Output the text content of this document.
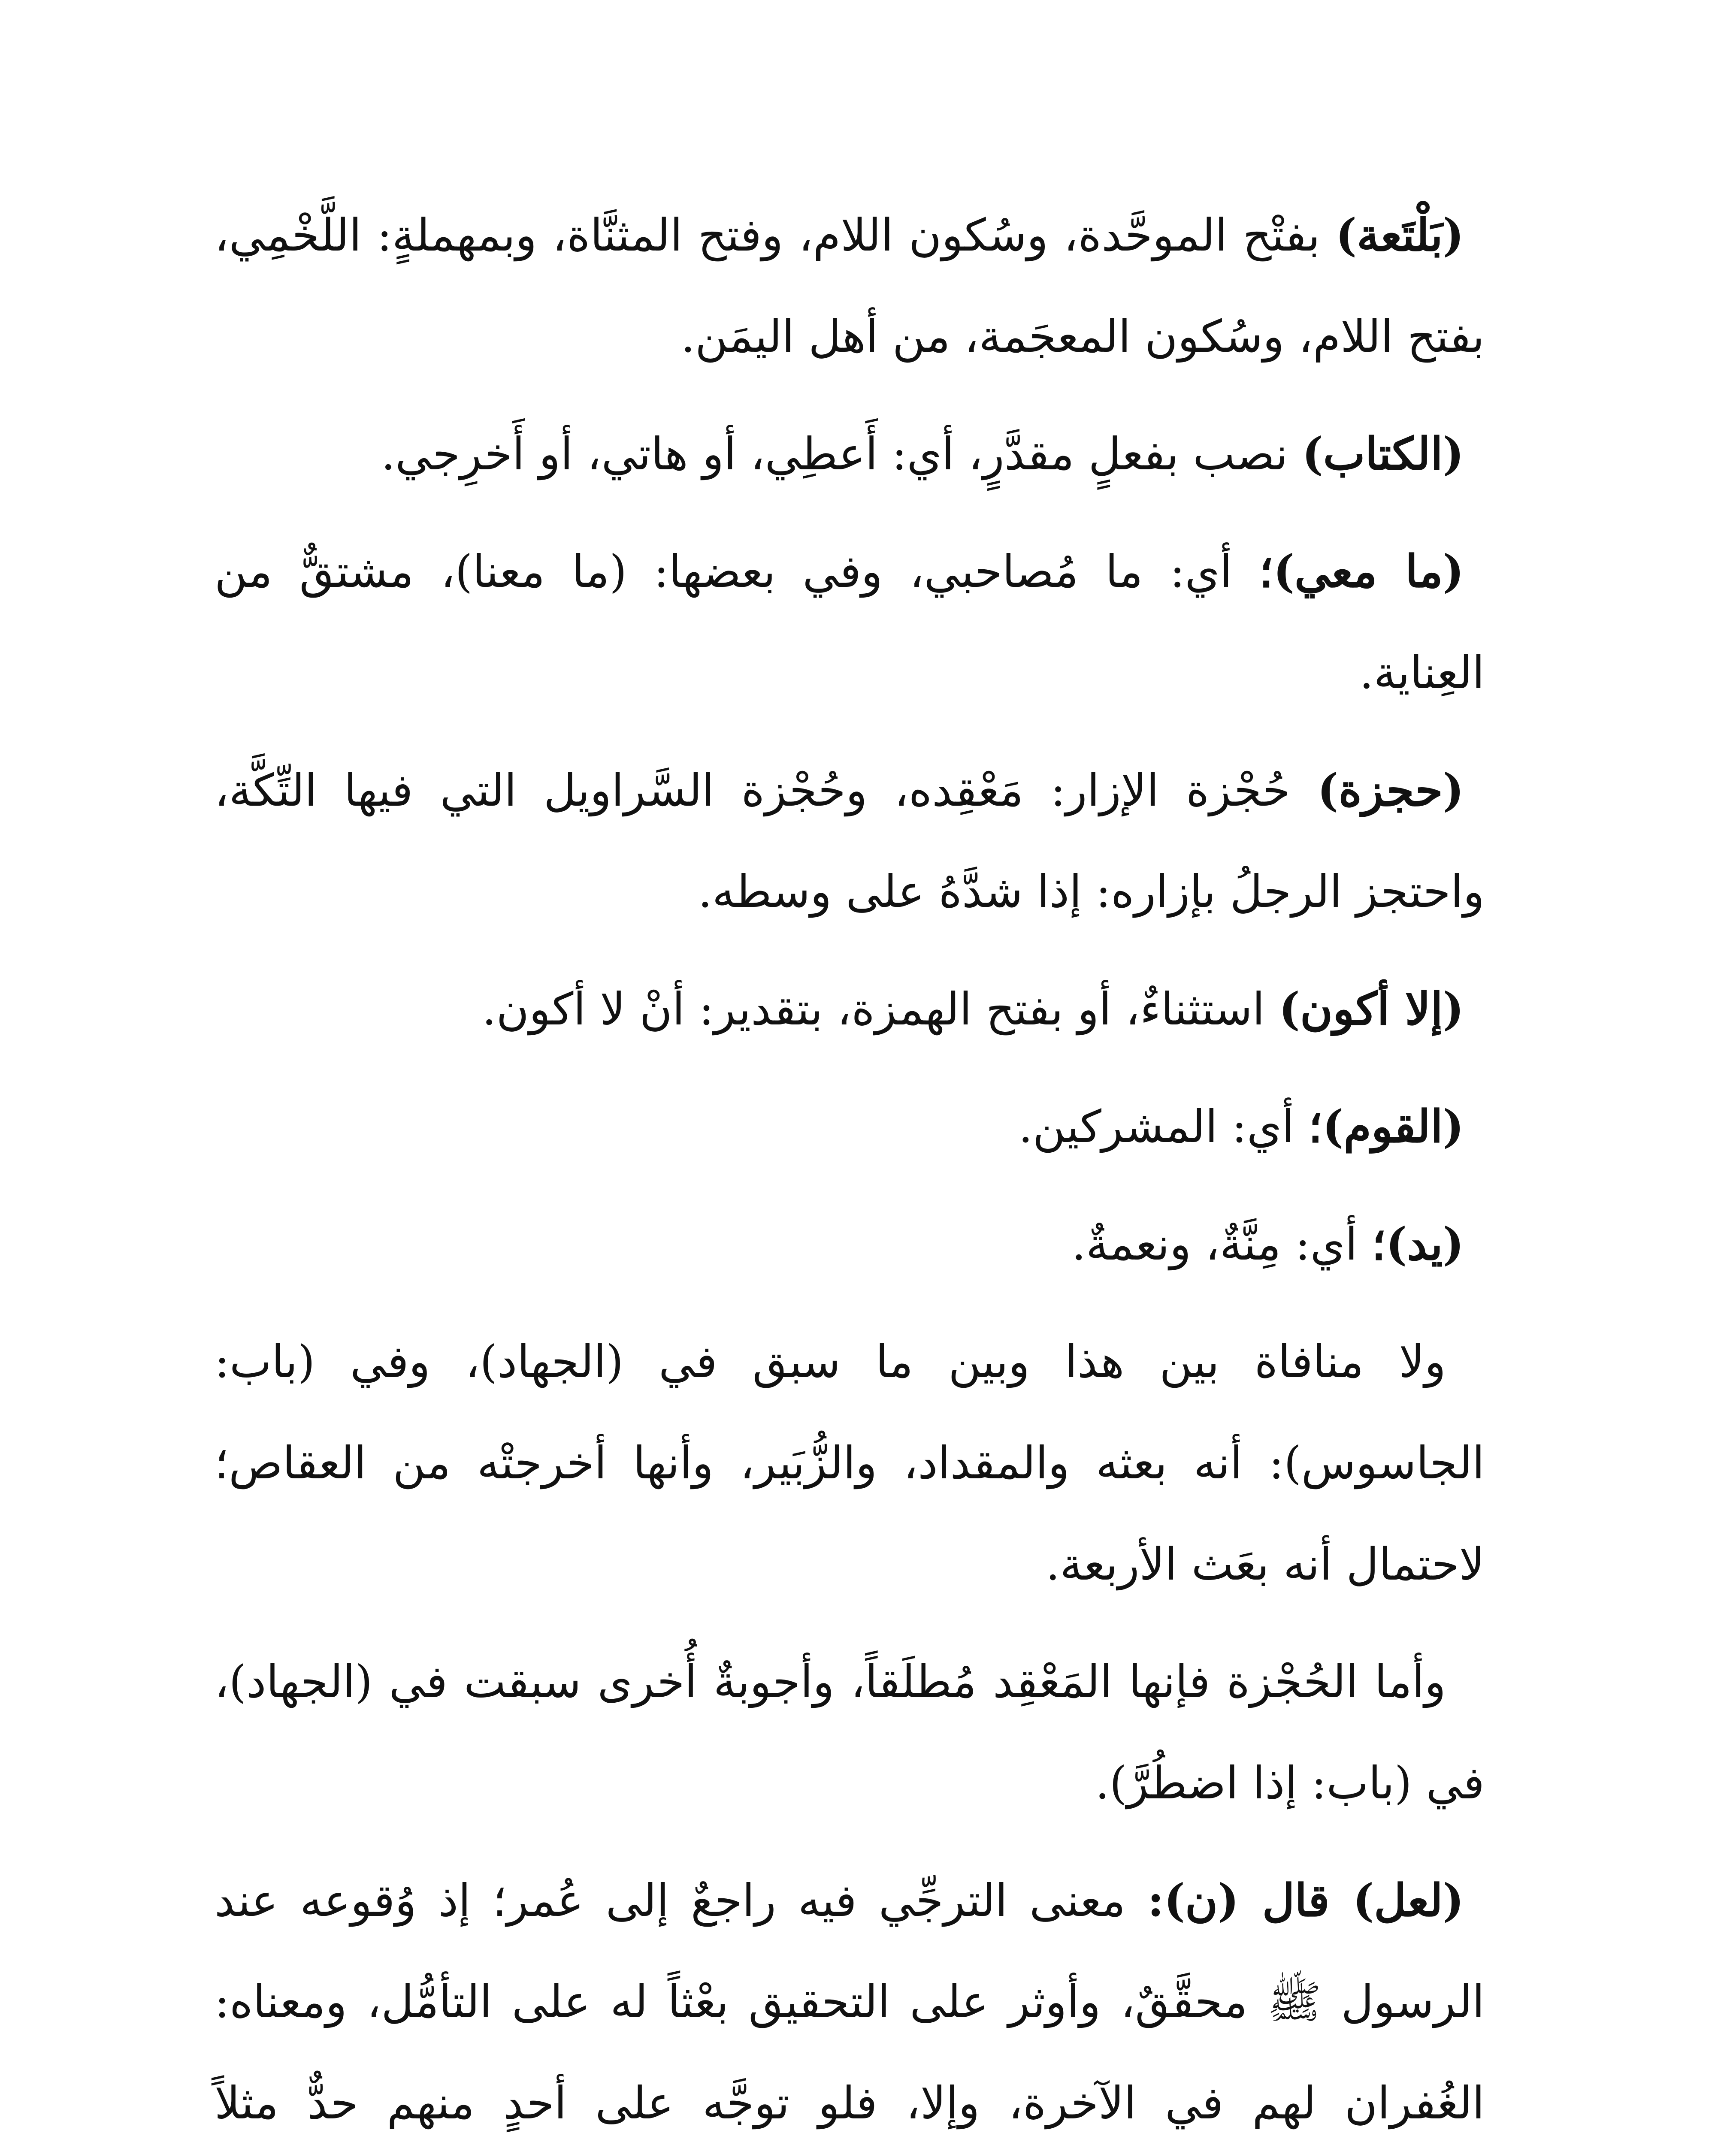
(بَلْتَعة) بفتْح الموحَّدة، وسُكون اللام، وفتح المثنَّاة، وبمهملةٍ: اللَّخْمِي، بفتح اللام، وسُكون المعجَمة، من أهل اليمَن.

(الكتاب) نصب بفعلٍ مقدَّرٍ، أي: أَعطِي، أو هاتي، أو أَخرِجي.

(ما معي)؛ أي: ما مُصاحبي، وفي بعضها: (ما معنا)، مشتقٌّ من العِناية.

(حجزة) حُجْزة الإزار: مَعْقِده، وحُجْزة السَّراويل التي فيها التِّكَّة، واحتجز الرجلُ بإزاره: إذا شدَّهُ على وسطه.

(إلا أكون) استثناءٌ، أو بفتح الهمزة، بتقدير: أنْ لا أكون.

(القوم)؛ أي: المشركين.

(يد)؛ أي: مِنَّةٌ، ونعمةٌ.

ولا منافاة بين هذا وبين ما سبق في (الجهاد)، وفي (باب: الجاسوس): أنه بعثه والمقداد، والزُّبَير، وأنها أخرجتْه من العقاص؛ لاحتمال أنه بعَث الأربعة.

وأما الحُجْزة فإنها المَعْقِد مُطلَقاً، وأجوبةٌ أُخرى سبقت في (الجهاد)، في (باب: إذا اضطُرَّ).

(لعل) قال (ن): معنى الترجِّي فيه راجعٌ إلى عُمر؛ إذ وُقوعه عند الرسول ﷺ محقَّقٌ، وأوثر على التحقيق بعْثاً له على التأمُّل، ومعناه: الغُفران لهم في الآخرة، وإلا، فلو توجَّه على أحدٍ منهم حدٌّ مثلاً
